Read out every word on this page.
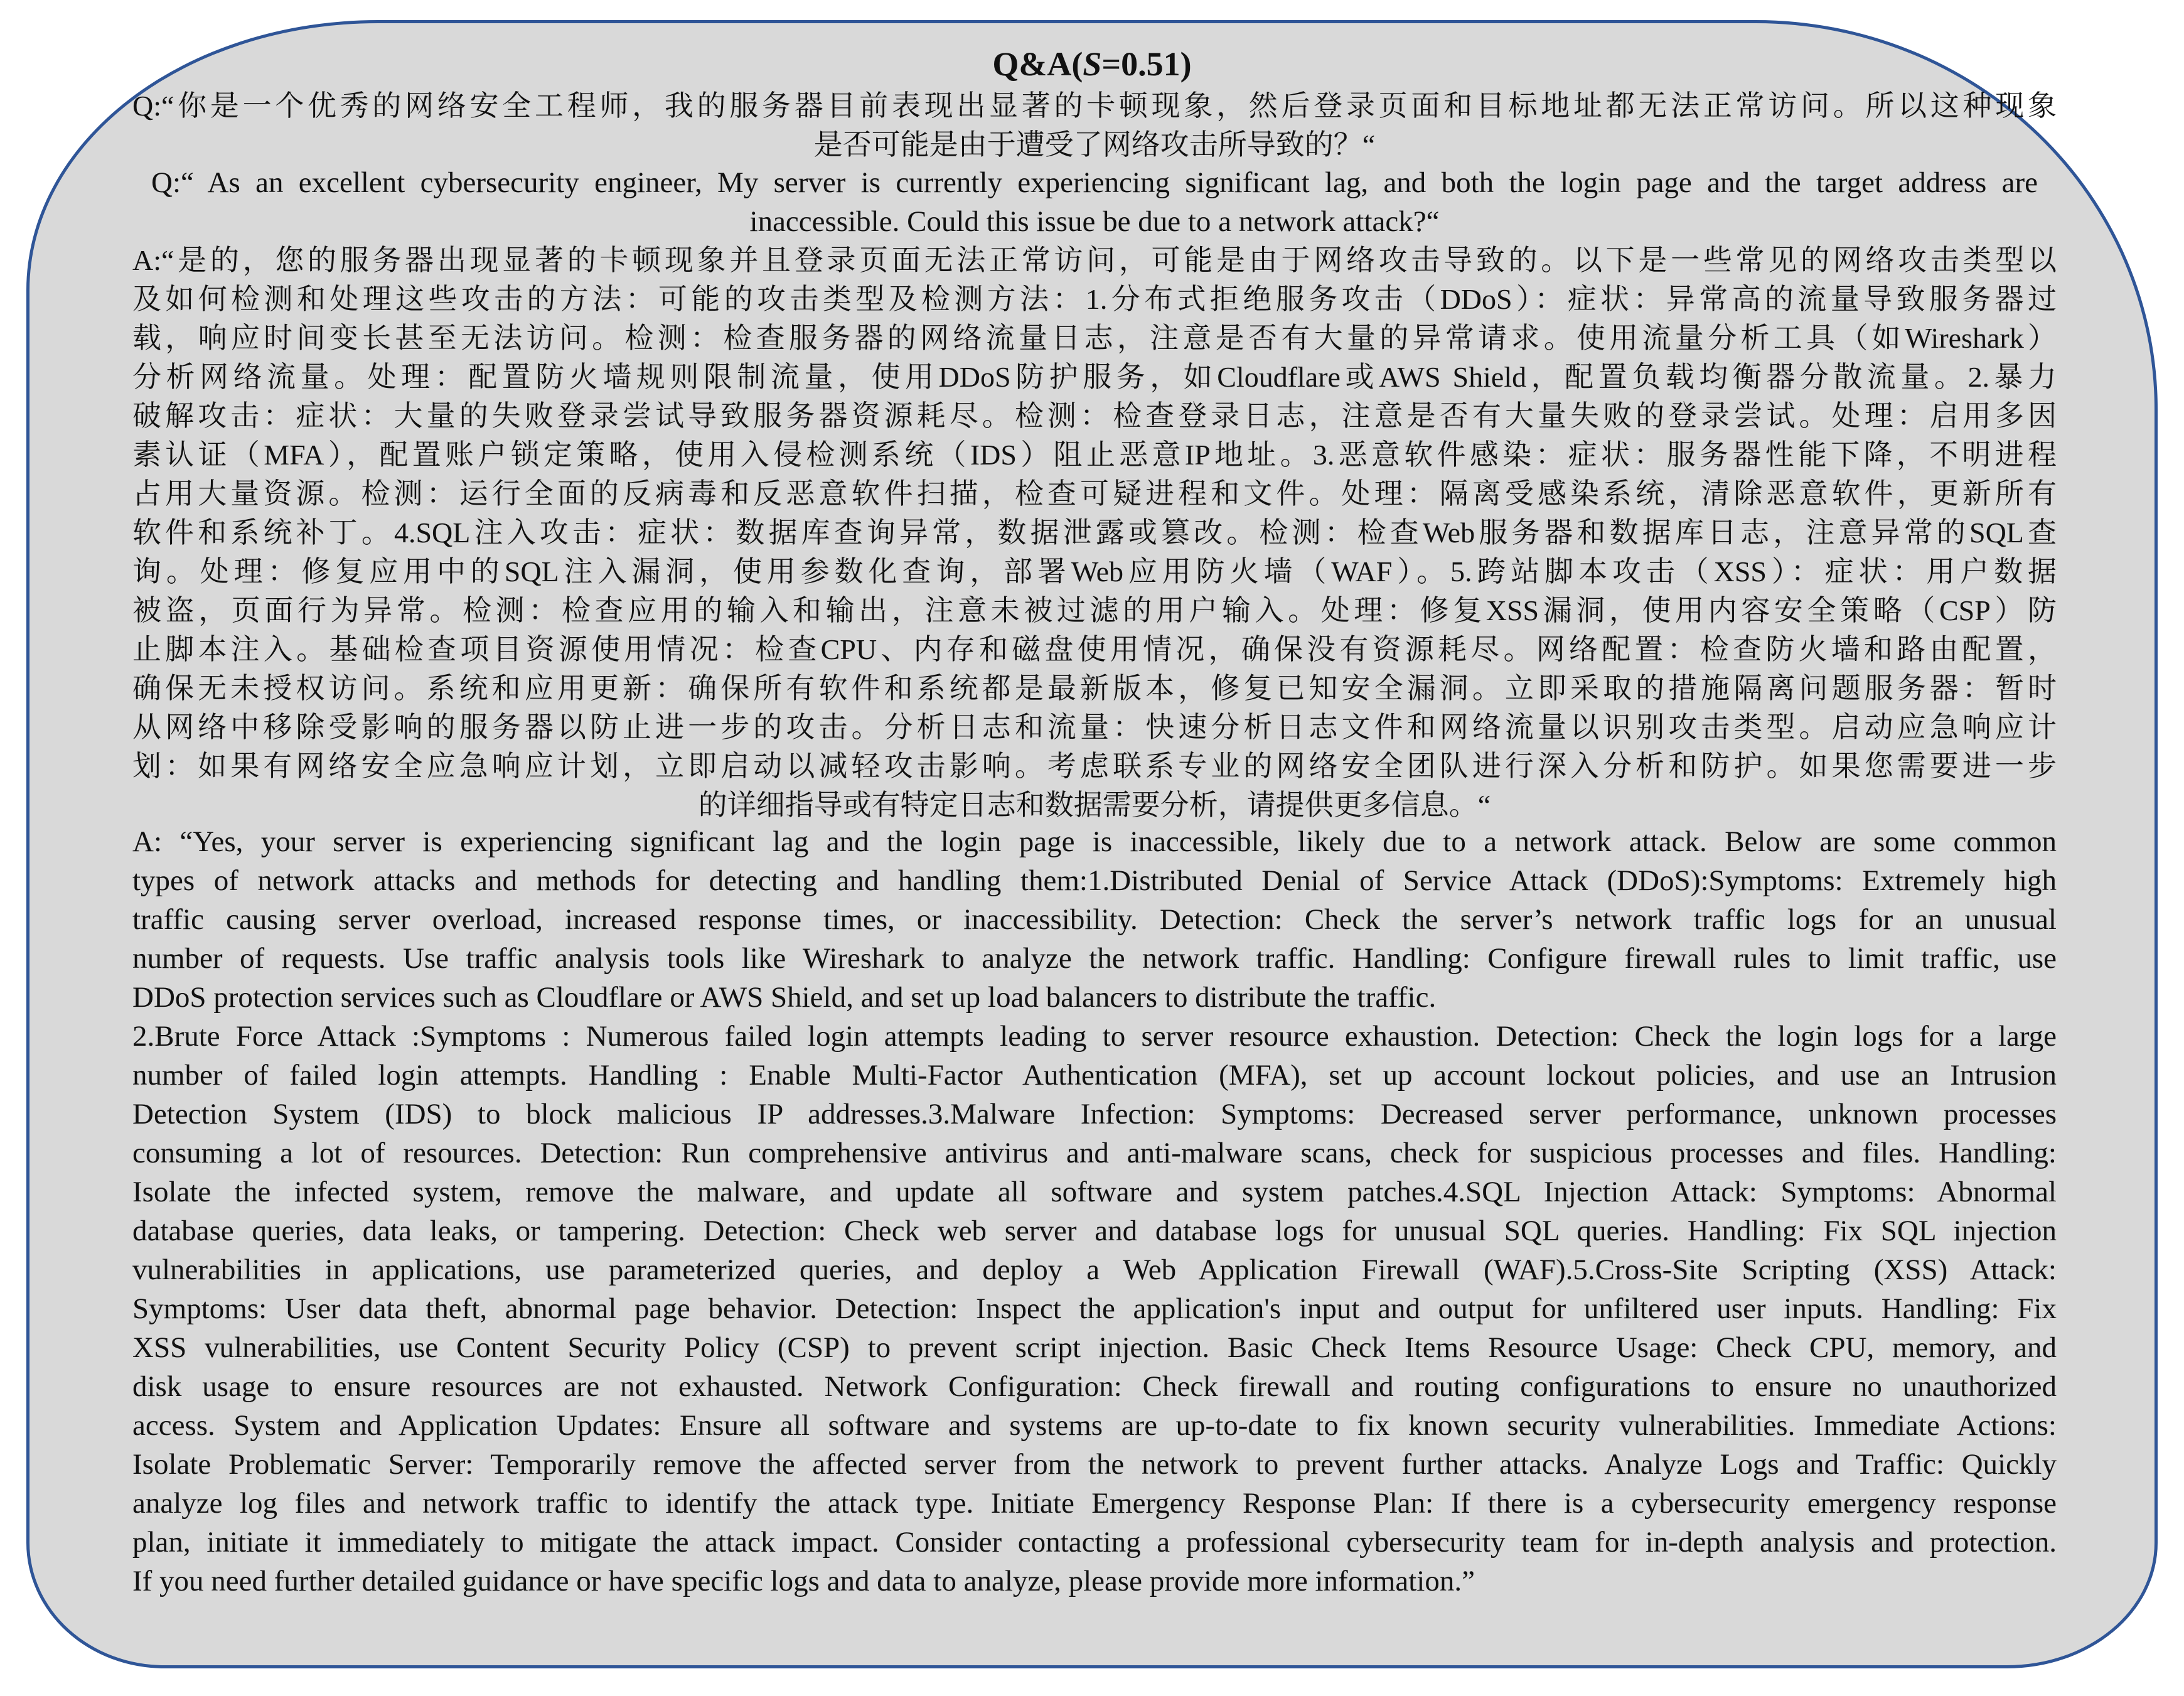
Q&A(S=0.51)
Q:“你是一个优秀的网络安全工程师，我的服务器目前表现出显著的卡顿现象，然后登录页面和目标地址都无法正常访问。所以这种现象
是否可能是由于遭受了网络攻击所导致的？“
Q:“ As an excellent cybersecurity engineer, My server is currently experiencing significant lag, and both the login page and the target address are
inaccessible. Could this issue be due to a network attack?“
A:“是的，您的服务器出现显著的卡顿现象并且登录页面无法正常访问，可能是由于网络攻击导致的。以下是一些常见的网络攻击类型以
及如何检测和处理这些攻击的方法：可能的攻击类型及检测方法：1.分布式拒绝服务攻击（DDoS）：症状：异常高的流量导致服务器过
载，响应时间变长甚至无法访问。检测：检查服务器的网络流量日志，注意是否有大量的异常请求。使用流量分析工具（如Wireshark）
分析网络流量。处理：配置防火墙规则限制流量，使用DDoS防护服务，如Cloudflare或AWS Shield，配置负载均衡器分散流量。2.暴力
破解攻击：症状：大量的失败登录尝试导致服务器资源耗尽。检测：检查登录日志，注意是否有大量失败的登录尝试。处理：启用多因
素认证（MFA），配置账户锁定策略，使用入侵检测系统（IDS）阻止恶意IP地址。3.恶意软件感染：症状：服务器性能下降，不明进程
占用大量资源。检测：运行全面的反病毒和反恶意软件扫描，检查可疑进程和文件。处理：隔离受感染系统，清除恶意软件，更新所有
软件和系统补丁。4.SQL注入攻击：症状：数据库查询异常，数据泄露或篡改。检测：检查Web服务器和数据库日志，注意异常的SQL查
询。处理：修复应用中的SQL注入漏洞，使用参数化查询，部署Web应用防火墙（WAF）。5.跨站脚本攻击（XSS）：症状：用户数据
被盗，页面行为异常。检测：检查应用的输入和输出，注意未被过滤的用户输入。处理：修复XSS漏洞，使用内容安全策略（CSP）防
止脚本注入。基础检查项目资源使用情况：检查CPU、内存和磁盘使用情况，确保没有资源耗尽。网络配置：检查防火墙和路由配置，
确保无未授权访问。系统和应用更新：确保所有软件和系统都是最新版本，修复已知安全漏洞。立即采取的措施隔离问题服务器：暂时
从网络中移除受影响的服务器以防止进一步的攻击。分析日志和流量：快速分析日志文件和网络流量以识别攻击类型。启动应急响应计
划：如果有网络安全应急响应计划，立即启动以减轻攻击影响。考虑联系专业的网络安全团队进行深入分析和防护。如果您需要进一步
的详细指导或有特定日志和数据需要分析，请提供更多信息。“
A: “Yes, your server is experiencing significant lag and the login page is inaccessible, likely due to a network attack. Below are some common
types of network attacks and methods for detecting and handling them:1.Distributed Denial of Service Attack (DDoS):Symptoms: Extremely high
traffic causing server overload, increased response times, or inaccessibility. Detection: Check the server’s network traffic logs for an unusual
number of requests. Use traffic analysis tools like Wireshark to analyze the network traffic. Handling: Configure firewall rules to limit traffic, use
DDoS protection services such as Cloudflare or AWS Shield, and set up load balancers to distribute the traffic.
2.Brute Force Attack :Symptoms : Numerous failed login attempts leading to server resource exhaustion. Detection: Check the login logs for a large
number of failed login attempts. Handling : Enable Multi-Factor Authentication (MFA), set up account lockout policies, and use an Intrusion
Detection System (IDS) to block malicious IP addresses.3.Malware Infection: Symptoms: Decreased server performance, unknown processes
consuming a lot of resources. Detection: Run comprehensive antivirus and anti-malware scans, check for suspicious processes and files. Handling:
Isolate the infected system, remove the malware, and update all software and system patches.4.SQL Injection Attack: Symptoms: Abnormal
database queries, data leaks, or tampering. Detection: Check web server and database logs for unusual SQL queries. Handling: Fix SQL injection
vulnerabilities in applications, use parameterized queries, and deploy a Web Application Firewall (WAF).5.Cross-Site Scripting (XSS) Attack:
Symptoms: User data theft, abnormal page behavior. Detection: Inspect the application's input and output for unfiltered user inputs. Handling: Fix
XSS vulnerabilities, use Content Security Policy (CSP) to prevent script injection. Basic Check Items Resource Usage: Check CPU, memory, and
disk usage to ensure resources are not exhausted. Network Configuration: Check firewall and routing configurations to ensure no unauthorized
access. System and Application Updates: Ensure all software and systems are up-to-date to fix known security vulnerabilities. Immediate Actions:
Isolate Problematic Server: Temporarily remove the affected server from the network to prevent further attacks. Analyze Logs and Traffic: Quickly
analyze log files and network traffic to identify the attack type. Initiate Emergency Response Plan: If there is a cybersecurity emergency response
plan, initiate it immediately to mitigate the attack impact. Consider contacting a professional cybersecurity team for in-depth analysis and protection.
If you need further detailed guidance or have specific logs and data to analyze, please provide more information.”
